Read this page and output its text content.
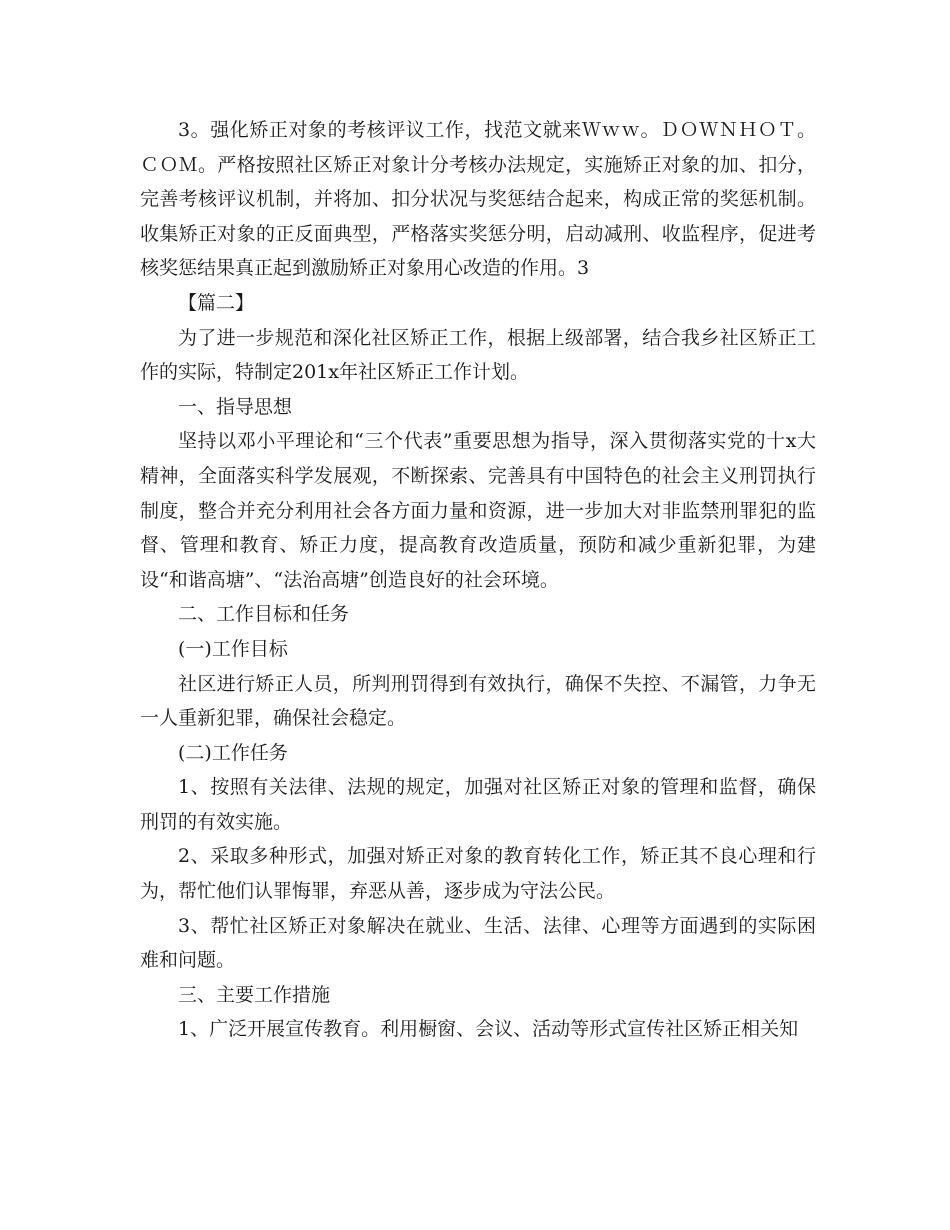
3。强化矫正对象的考核评议工作，找范文就来Ｗｗｗ。ＤＯＷＮＨＯＴ。ＣＯＭ。严格按照社区矫正对象计分考核办法规定，实施矫正对象的加、扣分，完善考核评议机制，并将加、扣分状况与奖惩结合起来，构成正常的奖惩机制。收集矫正对象的正反面典型，严格落实奖惩分明，启动减刑、收监程序，促进考核奖惩结果真正起到激励矫正对象用心改造的作用。3

【篇二】

为了进一步规范和深化社区矫正工作，根据上级部署，结合我乡社区矫正工作的实际，特制定201x年社区矫正工作计划。

一、指导思想

坚持以邓小平理论和“三个代表”重要思想为指导，深入贯彻落实党的十x大精神，全面落实科学发展观，不断探索、完善具有中国特色的社会主义刑罚执行制度，整合并充分利用社会各方面力量和资源，进一步加大对非监禁刑罪犯的监督、管理和教育、矫正力度，提高教育改造质量，预防和减少重新犯罪，为建设“和谐高塘”、“法治高塘”创造良好的社会环境。

二、工作目标和任务

(一)工作目标

社区进行矫正人员，所判刑罚得到有效执行，确保不失控、不漏管，力争无一人重新犯罪，确保社会稳定。

(二)工作任务

1、按照有关法律、法规的规定，加强对社区矫正对象的管理和监督，确保刑罚的有效实施。

2、采取多种形式，加强对矫正对象的教育转化工作，矫正其不良心理和行为，帮忙他们认罪悔罪，弃恶从善，逐步成为守法公民。

3、帮忙社区矫正对象解决在就业、生活、法律、心理等方面遇到的实际困难和问题。

三、主要工作措施

1、广泛开展宣传教育。利用橱窗、会议、活动等形式宣传社区矫正相关知
